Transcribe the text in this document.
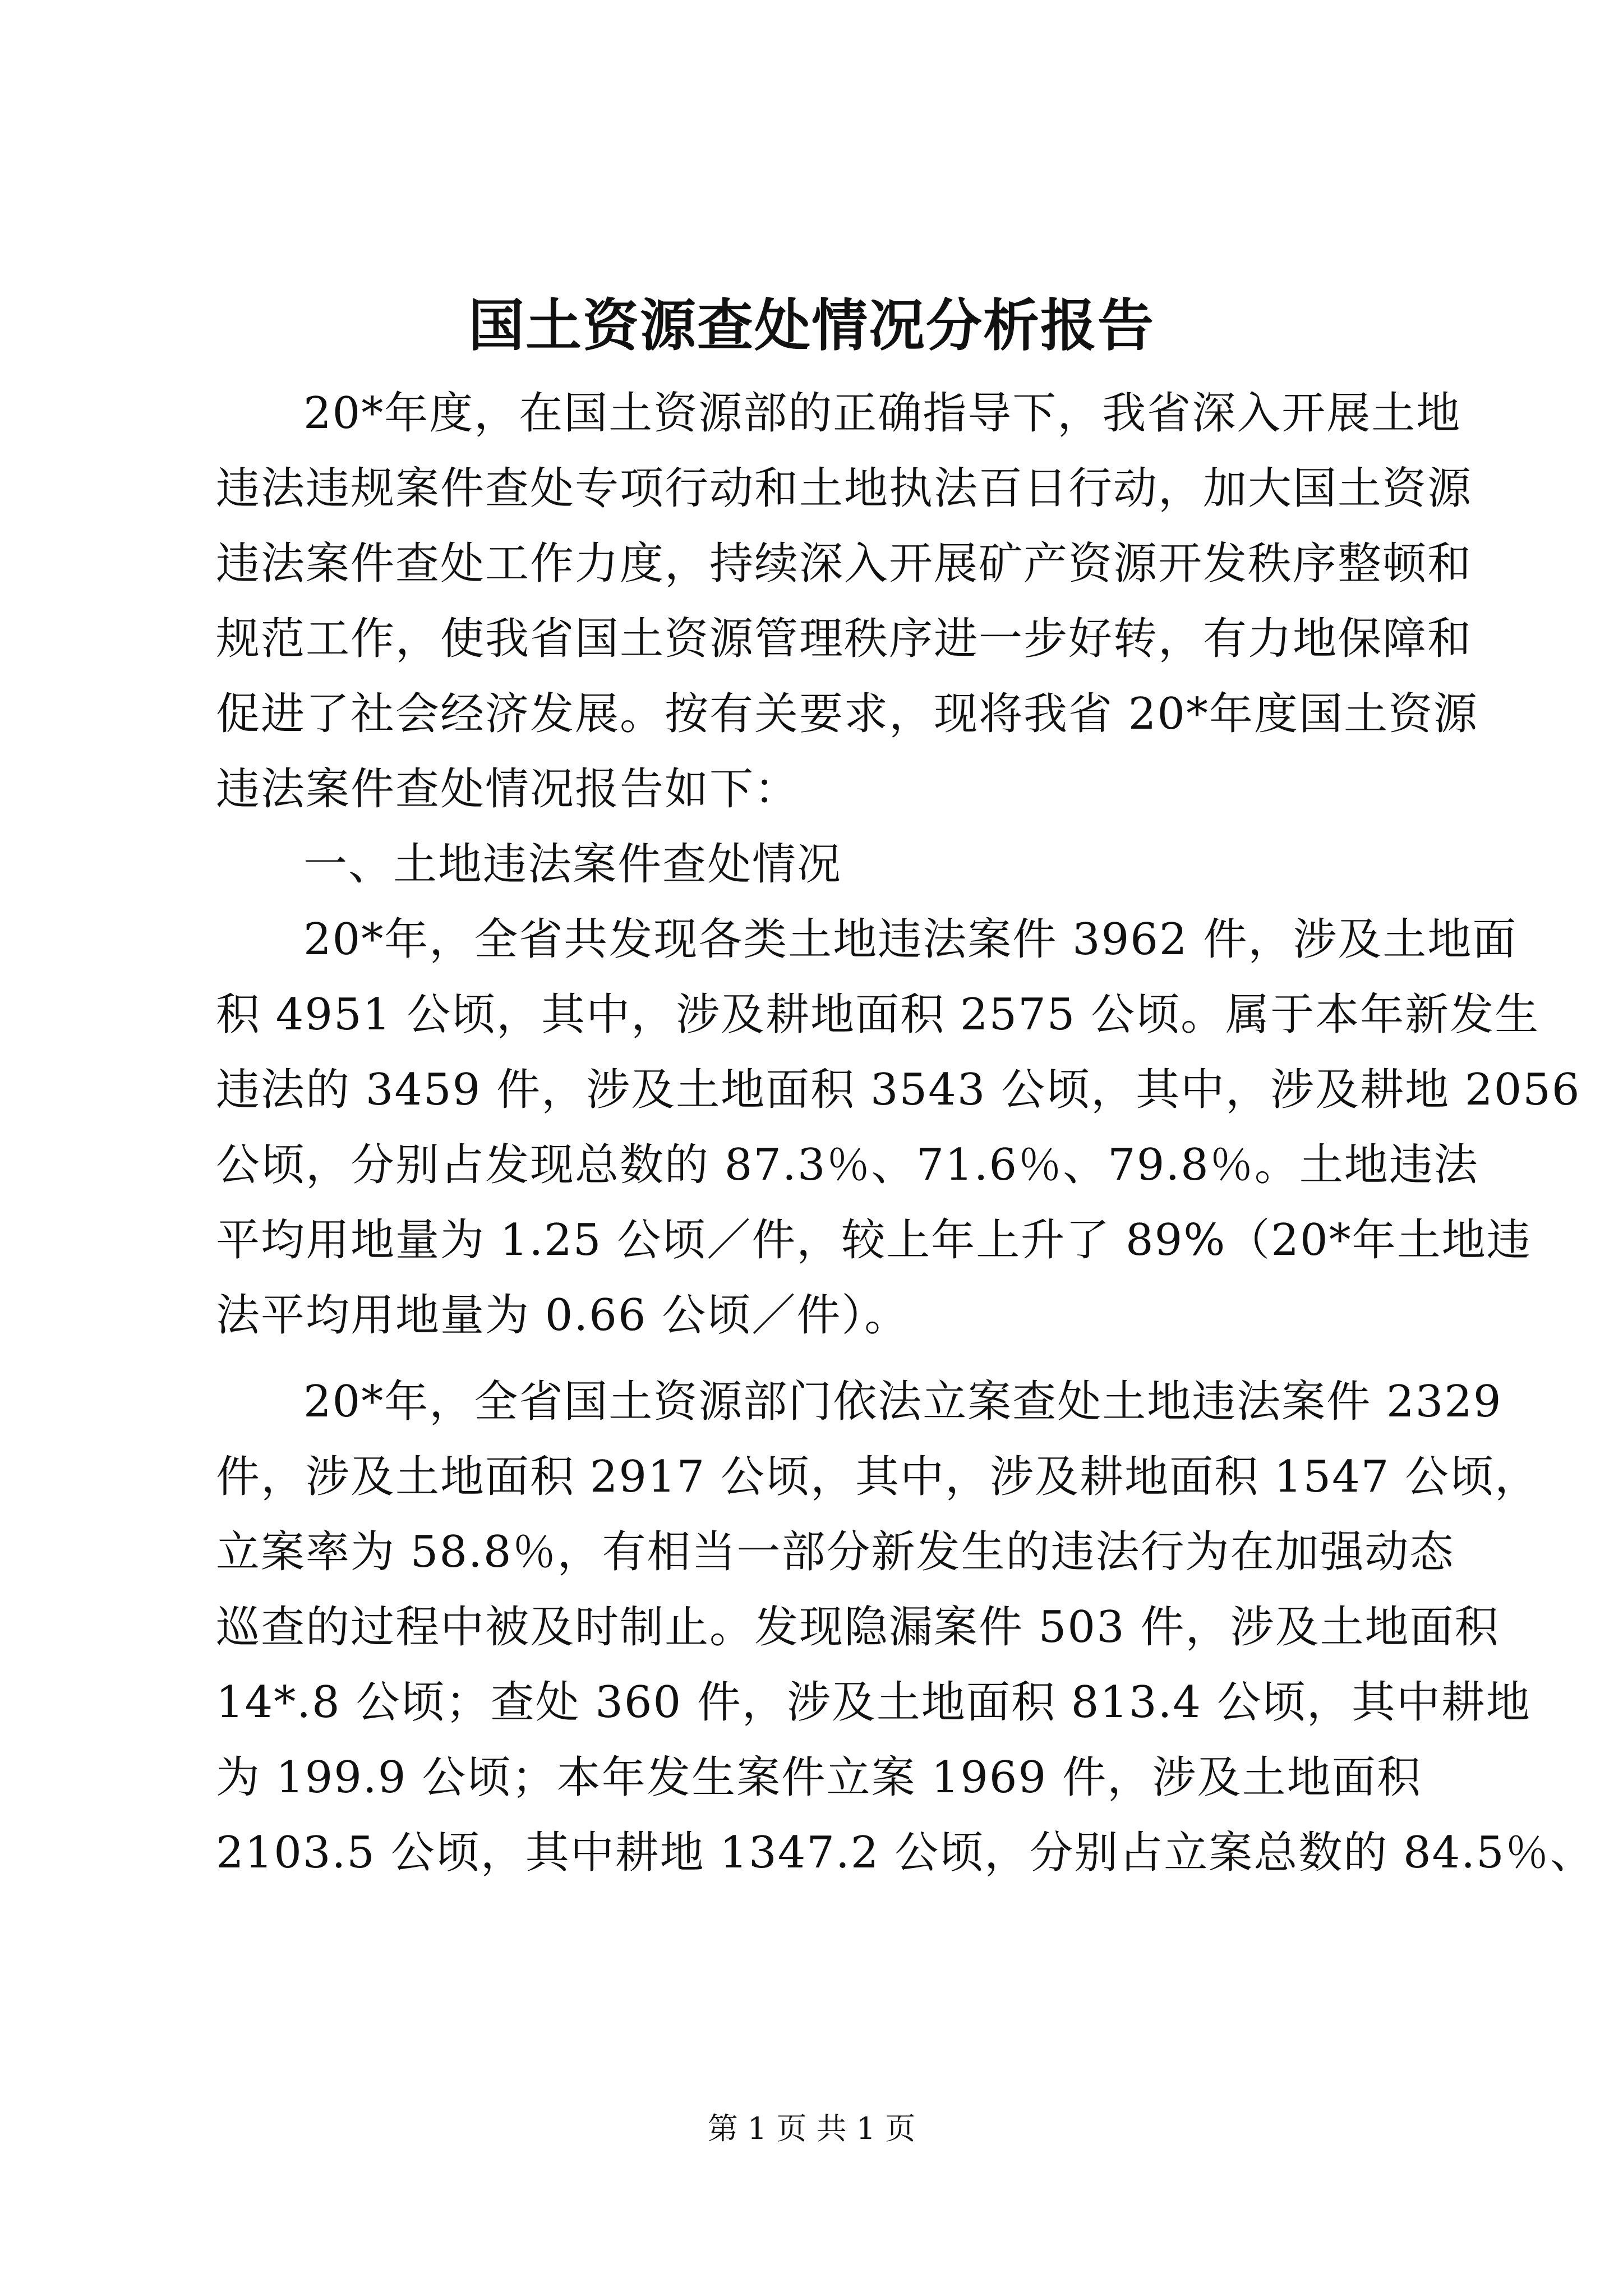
国土资源查处情况分析报告
20*年度，在国土资源部的正确指导下，我省深入开展土地
违法违规案件查处专项行动和土地执法百日行动，加大国土资源
违法案件查处工作力度，持续深入开展矿产资源开发秩序整顿和
规范工作，使我省国土资源管理秩序进一步好转，有力地保障和
促进了社会经济发展。按有关要求，现将我省 20*年度国土资源
违法案件查处情况报告如下：
一、土地违法案件查处情况
20*年，全省共发现各类土地违法案件 3962 件，涉及土地面
积 4951 公顷，其中，涉及耕地面积 2575 公顷。属于本年新发生
违法的 3459 件，涉及土地面积 3543 公顷，其中，涉及耕地 2056
公顷，分别占发现总数的 87.3％、71.6％、79.8％。土地违法
平均用地量为 1.25 公顷／件，较上年上升了 89%（20*年土地违
法平均用地量为 0.66 公顷／件）。
20*年，全省国土资源部门依法立案查处土地违法案件 2329
件，涉及土地面积 2917 公顷，其中，涉及耕地面积 1547 公顷，
立案率为 58.8％，有相当一部分新发生的违法行为在加强动态
巡查的过程中被及时制止。发现隐漏案件 503 件，涉及土地面积
14*.8 公顷；查处 360 件，涉及土地面积 813.4 公顷，其中耕地
为 199.9 公顷；本年发生案件立案 1969 件，涉及土地面积
2103.5 公顷，其中耕地 1347.2 公顷，分别占立案总数的 84.5％、
第 1 页 共 1 页
